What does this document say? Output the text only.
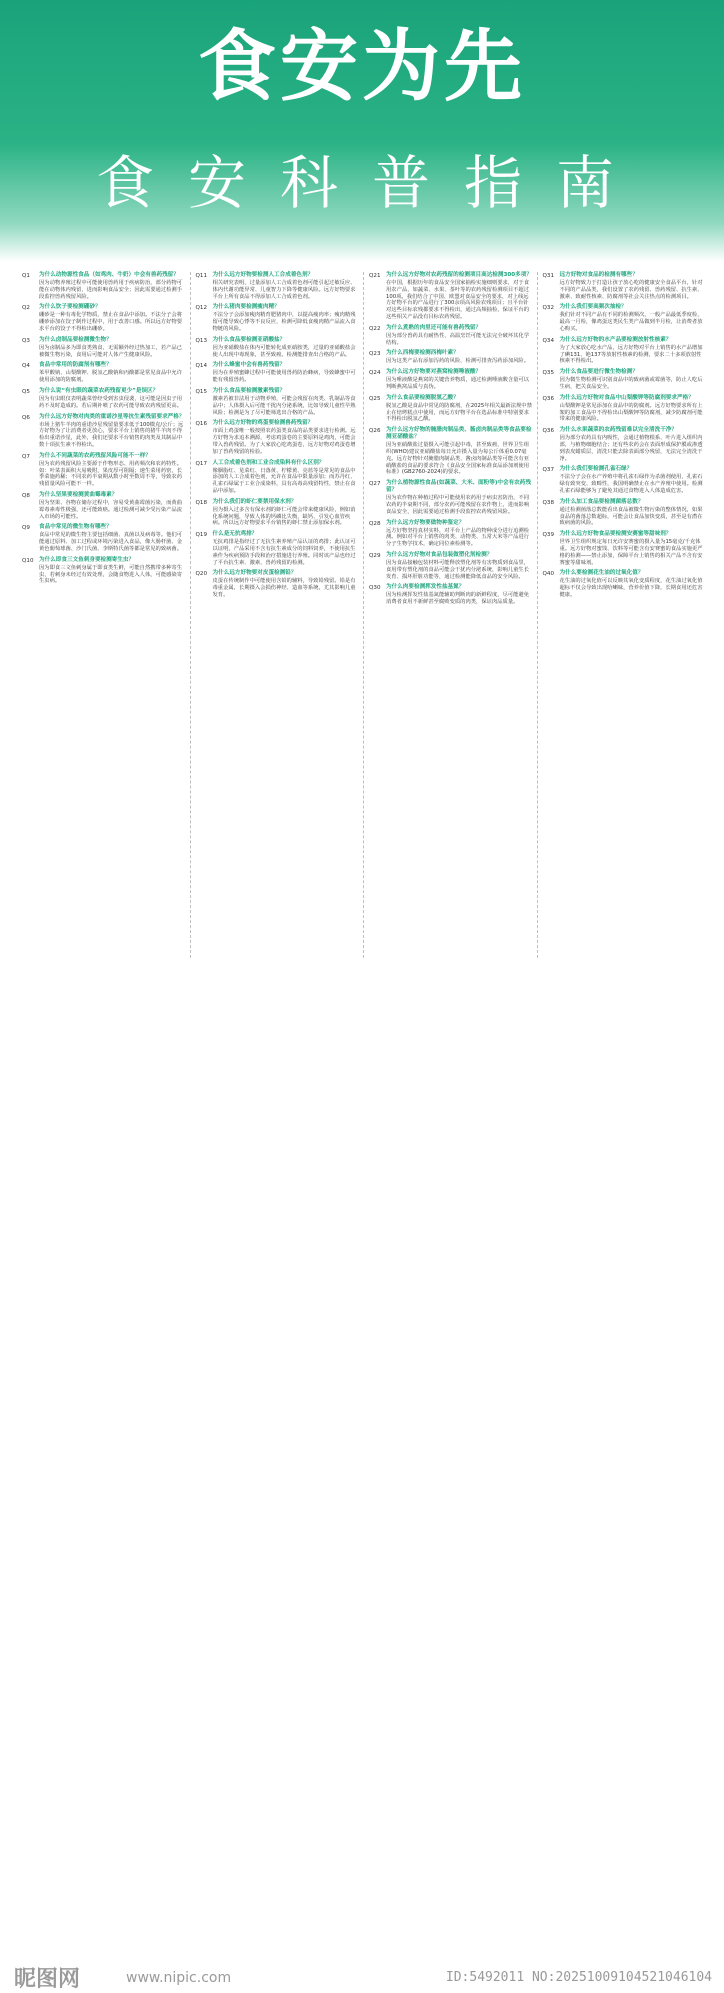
食安为先
食安科普指南
Q1	为什么动物源性食品（如鸡肉、牛奶）中会有兽药残留？

因为动物养殖过程中可能使用兽药用于疾病防治，部分药物可能在动物体内残留，进而影响食品安全；因此需要通过检测手段监控兽药残留风险。

Q2	为什么饮子要检测硼砂？

硼砂是一种有毒化学物质，禁止在食品中添加。不法分子会将硼砂添加在饺子制作过程中，用于改善口感。所以远方好物要求平台的饺子不得检出硼砂。

Q3	为什么卤制品要检测微生物？

因为卤制品多为即食类熟食，无需额外经过热加工，若产品已被微生物污染，食用后可能对人体产生健康风险。

Q4	食品中常用的防腐剂有哪些？

苯甲酸钠、山梨酸钾、脱氢乙酸钠和丙酸都是常见食品中允许使用添加的防腐剂。

Q5	为什么说“有虫眼的蔬菜农药残留更少”是误区？

因为有虫眼仅表明蔬菜曾经受到害虫侵袭，这可能是因虫子用药不及时造成的。若后期补喷了农药可能导致农药残留更高。

Q6	为什么远方好物对肉类的重诺沙星等抗生素残留要求严格？

市场上猪牛羊肉的重诺沙星残留量要求低于100微克/公斤；远方好物为了让消费者更放心，要求平台上销售的猪牛羊肉不得检出重诺沙星，此外，我们还要求平台销售的肉类及其制品中数十项抗生素不得检出。

Q7	为什么不同蔬菜的农药残留风险可能不一样？

因为农药残留风险主要源于作物形态、用药频次和农药特性。如：叶菜表面积大易吸附，果皮厚可阻隔；速生菜用药密，长季菜施药稀；不同农药半衰期从数小时至数周不等，导致农药残留量风险可能不一样。

Q8	为什么坚果要检测黄曲霉毒素？

因为坚果、谷物在储存过程中，容易受黄曲霉菌污染，而黄曲霉毒素毒性极强，还可能致癌。通过检测可减少受污染产品流入市场的可能性。

Q9	食品中常见的微生物有哪些？

食品中常见的微生物主要包括细菌、真菌以及病毒等。他们可能通过原料、加工过程或环境污染进入食品，像大肠杆菌、金黄色葡萄球菌、沙门氏菌、李斯特氏菌等都是常见的致病菌。

Q10 为什么即食三文鱼刺身要检测寄生虫？

因为即食三文鱼刺身属于即食类生鲜，可能自然携带多种寄生虫，若刺身未经过有效处理，会随食物进入人体，可能感染寄生虫病。

Q11 为什么远方好物要检测人工合成着色剂？

相关研究表明，过量添加人工合成着色剂可能引起过敏反应、体内代谢功能异常、儿童智力下降等健康风险。远方好物要求平台上所有食品不得添加人工合成着色剂。

Q12 为什么猪肉要检测瘦肉精？

不法分子会添加瘦肉精育肥猪肉中，以提高瘦肉率；瘦肉精残留可能导致心悸等不良反应，检测可降低食瘦肉精产品流入食物链的风险。

Q13 为什么食品要检测亚硝酸盐？

因为亚硝酸盐在体内可能转化成亚硝胺类，过量的亚硝酸盐会使人出现中毒现象，甚至致癌。检测能排查出合格的产品。

Q14 为什么蜂蜜中会有兽药残留？

因为在养殖蜜蜂过程中可能使用兽药防治蜂病，导致蜂蜜中可能有残留兽药。

Q15 为什么食品要检测激素残留？

激素若被非法用于动物养殖，可能会残留在肉类、乳制品等食品中；人体摄入后可能干扰内分泌系统，比如导致儿童性早熟风险；检测是为了尽可能筛选出合格的产品。

Q16 为什么远方好物的鸡蛋要检测兽药残留？

市面上鸡蛋唯一般按照农药蛋类食品的品类要求进行检测。远方好物为求追本溯源，考虑鸡蛋卷的主要原料是鸡肉，可能会带入兽药残留。为了大家放心吃鸡蛋卷，远方好物对鸡蛋卷增加了兽药残留的检验。

Q17 人工合成着色剂和工业合成染料有什么区别？

像胭脂红、苋菜红、日落黄、柠檬黄、亮蓝等是常见的食品中添加的人工合成着色剂，允许在食品中限量添加；而苏丹红、孔雀石绿属于工业合成染料，具有高毒高残留特性，禁止在食品中添加。

Q18 为什么我们的虾仁要禁用保水剂？

因为摄入过多含有保水剂的虾仁可能会带来健康风险，例如消化系统问题，导致人体的钙磷比失衡，缺钙、引发心血管疾病。所以远方好物要求平台销售的虾仁禁止添加保水剂。

Q19 什么是无抗鸡排？

无抗鸡排是指经过了无抗生素养殖产品认证的鸡排；此认证可以证明，产品采用不含有抗生素成分的饲料饲养，不使用抗生素作为疾病预防手段和治疗措施进行养殖。同时该产品也经过了平台抗生素、激素、兽药残留的检测。

Q20 为什么远方好物要对皮蛋检测铅？

皮蛋在传统制作中可能使用含铅的辅料，导致铅残留。铅是有毒重金属，长期摄入会损伤神经、造血等系统，尤其影响儿童发育。

Q21 为什么远方好物对农药残留的检测项目高达检测300多项？

在中国，根据历年的食品安全国家抽检实施细则要求，对于食用农产品，如蔬菜、水果、茶叶等的农药残留检测项目不超过100项。我们结合了中国、欧盟对食品安全的要求，对上线远方好物平台的产品进行了300余项高风险农残项目；且平台针对这些目标农残都要求不得检出，通过高频抽检，保证平台的这些相关产品没有目标农药残留。

Q22 为什么煮熟的肉里还可能有兽药残留？

因为部分兽药具有耐热性，高温烹饪可能无法完全破坏其化学结构。

Q23 为什么西梅要检测西梅叶素？

因为这类产品有添加泻药的风险，检测可排查泻药添加风险。

Q24 为什么远方好物要对燕窝检测唾液酸？

因为唾液酸是燕窝的关键营养物质，通过检测唾液酸含量可以判断燕窝品质与真伪。

Q25 为什么食品要检测脱氢乙酸？

脱氢乙酸是食品中常见的防腐剂，在2025年相关最新法规中禁止在焙烤糕点中使用，而远方好物平台在选品标准中特别要求不得检出脱氢乙酸。

Q26 为什么远方好物的腌腊肉制品类、酱卤肉制品类等食品要检测亚硝酸盐？

因为亚硝酸盐过量摄入可能引起中毒，甚至致癌，世界卫生组织(WHO)建议亚硝酸盐每日允许摄入量为每公斤体重0.07毫克。远方好物针对腌腊肉制品类、酱卤肉制品类等可能含有亚硝酸盐的食品的要求符合《食品安全国家标准食品添加剂使用标准》(GB2760-2024)的要求。

Q27 为什么植物源性食品(如蔬菜、大米、面粉等)中会有农药残留？

因为农作物在种植过程中可能使用农药用于病虫害防治，不同农药的半衰期不同，部分农药可能残留在农作物上，进而影响食品安全，因此需要通过检测手段监控农药残留风险。

Q28 为什么远方好物要做物种鉴定？

远方好物坚持真材实料，对平台上产品的物种成分进行追溯检测。例如对平台上销售的肉类、动物类、五常大米等产品进行分子生物学技术，确定同位素检测等。

Q29 为什么远方好物对食品包装做塑化剂检测？

因为食品接触包装材料可能释放塑化剂等有害物质到食品里，食用带有塑化剂的食品可能会干扰内分泌系统，影响儿童生长发育、损坏肝脏功能等，通过检测能降低食品的安全风险。

Q30 为什么肉要检测挥发性盐基氮？

因为检测挥发性盐基氮能辅助判断肉的新鲜程度，尽可能避免消费者食用不新鲜甚至腐败变质的肉类，保证肉品质量。

Q31 远方好物对食品的检测有哪些？

远方好物致力于打造让孩子放心吃的健康安全食品平台，针对不同的产品品类，我们设置了农药残留、兽药残留、抗生素、激素、致耐性核素、防腐剂等社会关注热点的检测项目。

Q32 为什么我们要高频次抽检？

我们针对不同产品有不同的检测频次，一般产品最低季度检，最高一月检，像鸡蛋这类民生类产品做到半月检，让消费者放心购买。

Q34 为什么远方好物的水产品要检测放射性核素？

为了大家放心吃水产品，远方好物对平台上销售的水产品增加了碘131、铯137等放射性核素的检测，要求二十多项放射性核素不得检出。

Q35 为什么食品要进行微生物检测？

因为微生物检测可识别食品中的致病菌或霉菌等，防止人吃后生病，把关食品安全。

Q36 为什么远方好物对食品中山梨酸钾等防腐剂要求严格？

山梨酸钾是常见添加在食品中的防腐剂。远方好物要求所有上架的加工食品中不得检出山梨酸钾等防腐剂，减少防腐剂可能带来的健康风险。

Q36 为什么水果蔬菜的农药残留难以完全清洗干净？

因为部分农药具有内吸性，会通过植物根系、叶片进入组织内部，与植物细胞结合；还有些农药会在表面形成保护膜或渗透到表皮蜡质层，清洗只能去除表面部分残留，无法完全清洗干净。

Q37 为什么我们要检测孔雀石绿？

不法分子会在水产养殖中将孔雀石绿作为杀菌剂使用，孔雀石绿有致突变、致畸性，我国明确禁止在水产养殖中使用。检测孔雀石绿能够为了避免其通过食物进入人体造成危害。

Q38 为什么加工食品要检测菌落总数？

通过检测菌落总数能看出食品被微生物污染的整体情况，如果食品的菌落总数超标，可能会让食品加快变质，甚至是有潜在致病菌的风险。

Q39 为什么远方好物食品要检测安赛蜜等甜味剂？

世界卫生组织规定每日允许安赛蜜的摄入量为15毫克/千克体重。远方好物对蜜饯、饮料等可能含有安赛蜜的食品实施更严格的检测——禁止添加，保障平台上销售的相关产品不含有安赛蜜等甜味剂。

Q40 为什么要检测花生油的过氧化值？

花生油的过氧化值可以反映其氧化变质程度，花生油过氧化值超标不仅会导致出现哈喇味，营养价值下降，长期食用还危害健康。

昵图网	www.nipic.com	ID:5492011 NO:20251009104521046104
